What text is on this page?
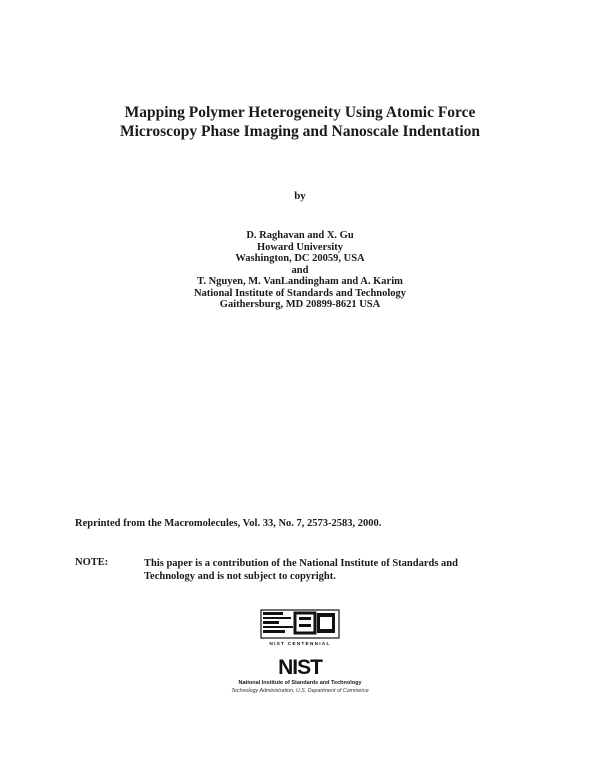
Mapping Polymer Heterogeneity Using Atomic Force
Microscopy Phase Imaging and Nanoscale Indentation
by
D. Raghavan and X. Gu
Howard University
Washington, DC 20059, USA
and
T. Nguyen, M. VanLandingham and A. Karim
National Institute of Standards and Technology
Gaithersburg, MD 20899-8621 USA
Reprinted from the Macromolecules, Vol. 33, No. 7, 2573-2583, 2000.
NOTE:	This paper is a contribution of the National Institute of Standards and
Technology and is not subject to copyright.
NIST CENTENNIAL
NIST
National Institute of Standards and Technology
Technology Administration, U.S. Department of Commerce
